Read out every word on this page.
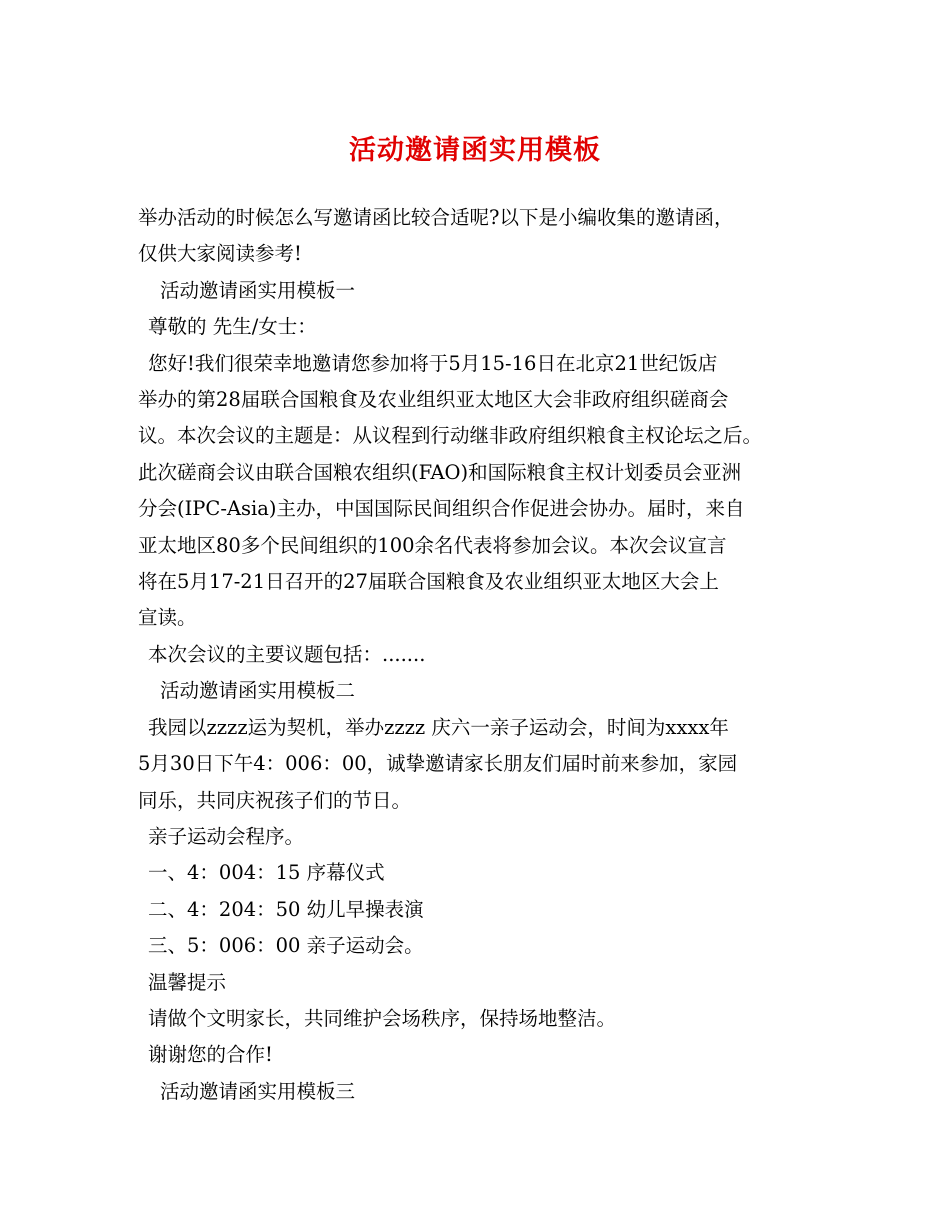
活动邀请函实用模板
举办活动的时候怎么写邀请函比较合适呢?以下是小编收集的邀请函，
仅供大家阅读参考!
活动邀请函实用模板一
尊敬的 先生/女士：
您好!我们很荣幸地邀请您参加将于5月15-16日在北京21世纪饭店
举办的第28届联合国粮食及农业组织亚太地区大会非政府组织磋商会
议。本次会议的主题是：从议程到行动继非政府组织粮食主权论坛之后。
此次磋商会议由联合国粮农组织(FAO)和国际粮食主权计划委员会亚洲
分会(IPC-Asia)主办，中国国际民间组织合作促进会协办。届时，来自
亚太地区80多个民间组织的100余名代表将参加会议。本次会议宣言
将在5月17-21日召开的27届联合国粮食及农业组织亚太地区大会上
宣读。
本次会议的主要议题包括：.......
活动邀请函实用模板二
我园以zzzz运为契机，举办zzzz 庆六一亲子运动会，时间为xxxx年
5月30日下午4：006：00，诚挚邀请家长朋友们届时前来参加，家园
同乐，共同庆祝孩子们的节日。
亲子运动会程序。
一、4：004：15 序幕仪式
二、4：204：50 幼儿早操表演
三、5：006：00 亲子运动会。
温馨提示
请做个文明家长，共同维护会场秩序，保持场地整洁。
谢谢您的合作!
活动邀请函实用模板三
